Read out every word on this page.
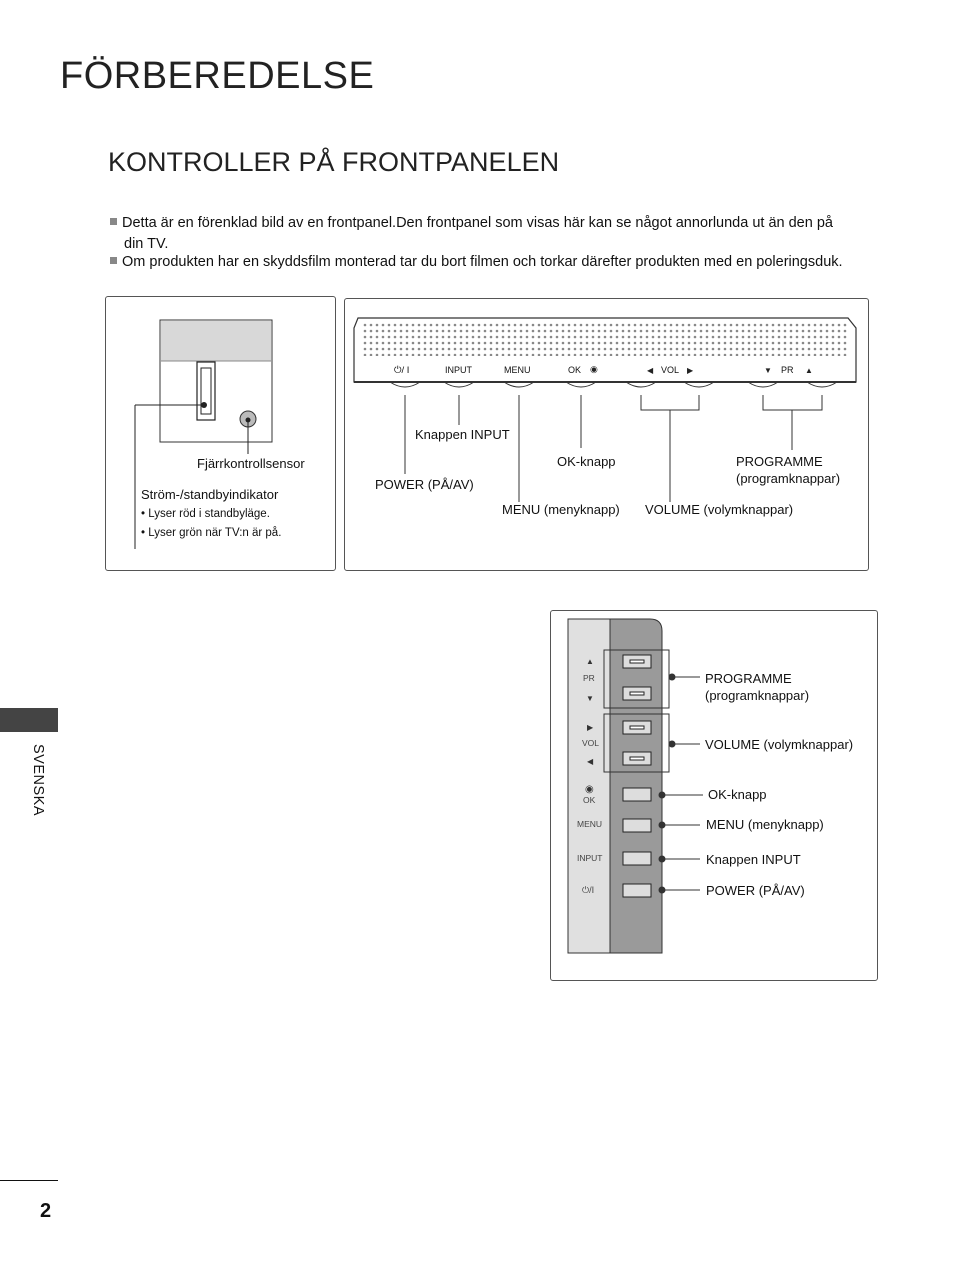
FÖRBEREDELSE
KONTROLLER PÅ FRONTPANELEN
Detta är en förenklad bild av en frontpanel.Den frontpanel som visas här kan se något annorlunda ut än den på
din TV.
Om produkten har en skyddsfilm monterad tar du bort filmen och torkar därefter produkten med en poleringsduk.
Fjärrkontrollsensor
Ström-/standbyindikator
• Lyser röd i standbyläge.
• Lyser grön när TV:n är på.
◉	◀	▶	▼	▲
⏻/ I	INPUT	MENU	OK	VOL	PR
Knappen INPUT
POWER (PÅ/AV)
OK-knapp
MENU (menyknapp) VOLUME (volymknappar)
PROGRAMME
(programknappar)
▲
▼
▶
◀
◉
PR
VOL
OK
MENU
INPUT
⏻/I
PROGRAMME
(programknappar)
VOLUME (volymknappar)
OK-knapp
MENU (menyknapp)
Knappen INPUT
POWER (PÅ/AV)
SVENSKA
2
